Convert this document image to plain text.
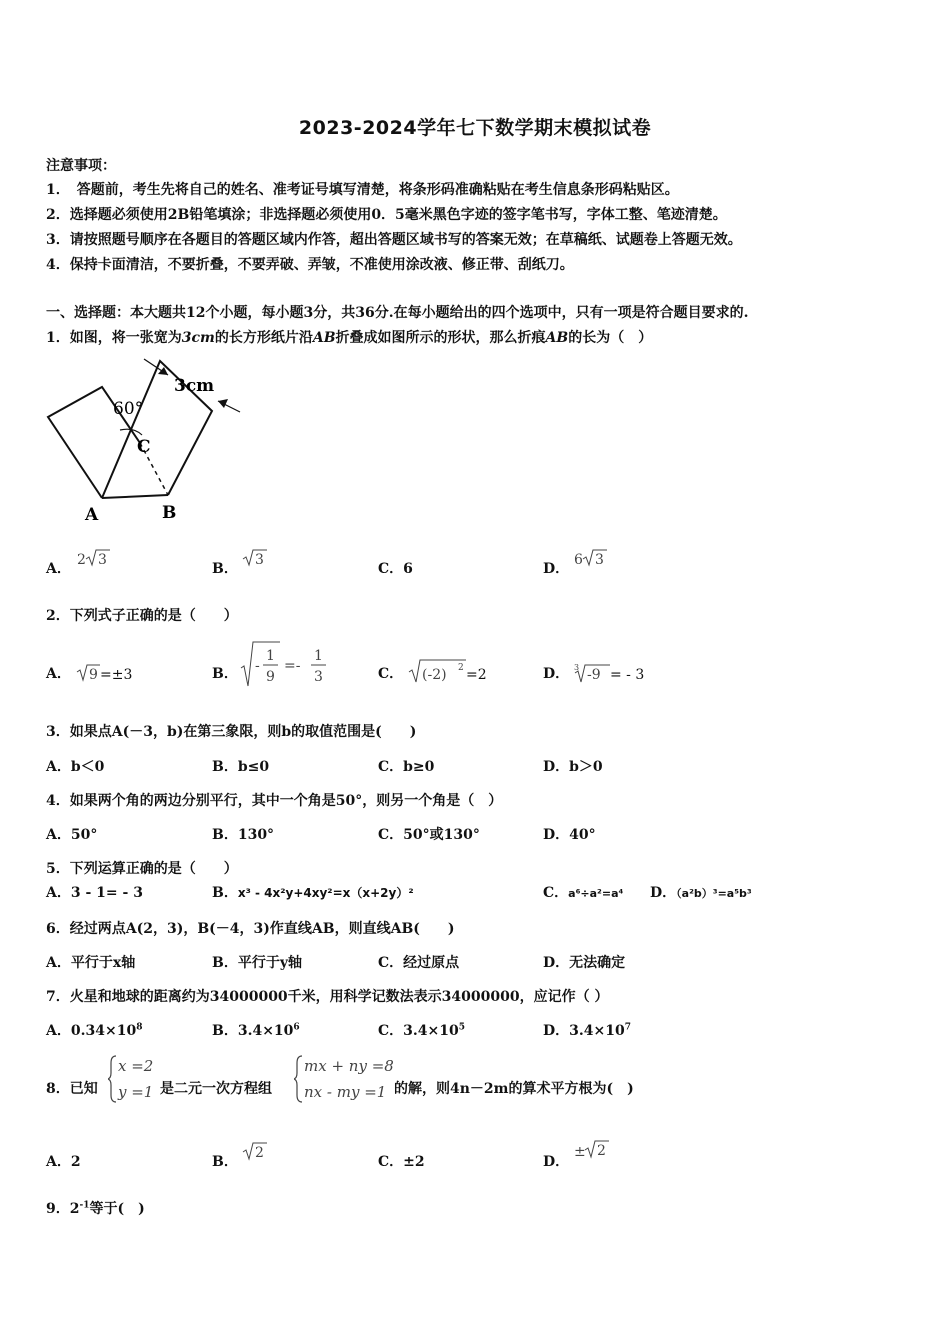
2023-2024学年七下数学期末模拟试卷
注意事项：
1．　答题前，考生先将自己的姓名、准考证号填写清楚，将条形码准确粘贴在考生信息条形码粘贴区。
2．选择题必须使用2B铅笔填涂；非选择题必须使用0．5毫米黑色字迹的签字笔书写，字体工整、笔迹清楚。
3．请按照题号顺序在各题目的答题区域内作答，超出答题区域书写的答案无效；在草稿纸、试题卷上答题无效。
4．保持卡面清洁，不要折叠，不要弄破、弄皱，不准使用涂改液、修正带、刮纸刀。
一、选择题：本大题共12个小题，每小题3分，共36分.在每小题给出的四个选项中，只有一项是符合题目要求的.
1．如图，将一张宽为3cm的长方形纸片沿AB折叠成如图所示的形状，那么折痕AB的长为（　）
3cm
60°
C
A	B
A．
2 3
B．
3
C．6	D．
6 3
2．下列式子正确的是（　　）
A． 9 =±3	B． -
1
9
=-
1
3	C． (-2) 2 =2	D． 3 -9 = - 3
3．如果点A(－3，b)在第三象限，则b的取值范围是(　　)
A．b＜0	B．b≤0	C．b≥0	D．b＞0
4．如果两个角的两边分别平行，其中一个角是50°，则另一个角是（　）
A．50°	B．130°	C．50°或130°	D．40°
5．下列运算正确的是（　　）
A．3 - 1= - 3	B．x³ - 4x²y+4xy²=x（x+2y）²	C．a⁶÷a²=a⁴ D．（a²b）³=a⁵b³
6．经过两点A(2，3)，B(－4，3)作直线AB，则直线AB(　　)
A．平行于x轴	B．平行于y轴	C．经过原点	D．无法确定
7．火星和地球的距离约为34000000千米，用科学记数法表示34000000，应记作（ ）
A．$0.34\times 10^8$	B．$3.4\times 10^6$	C．$3.4\times 10^5$	D．$3.4\times 10^7$
8．已知
x =2
y =1 是二元一次方程组
mx + ny =8
nx - my =1 的解，则4n－2m的算术平方根为(　)
A．2	B．
2
C．±2	D．
± 2
9．$2^{-1}$等于(　)
